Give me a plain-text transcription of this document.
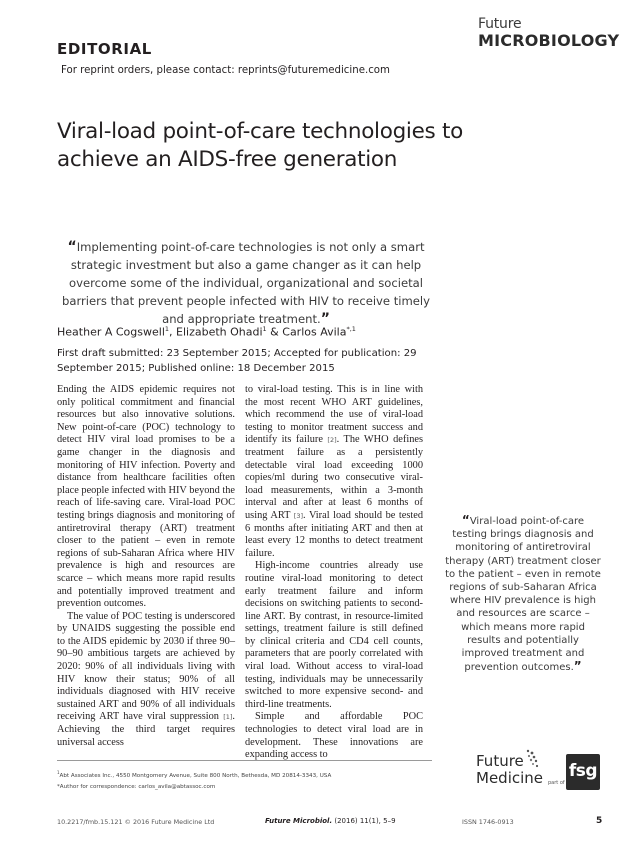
Future
MICROBIOLOGY
EDITORIAL
For reprint orders, please contact: reprints@futuremedicine.com
Viral-load point-of-care technologies to achieve an AIDS-free generation
“Implementing point-of-care technologies is not only a smart strategic investment but also a game changer as it can help overcome some of the individual, organizational and societal barriers that prevent people infected with HIV to receive timely and appropriate treatment.”
Heather A Cogswell$^1$, Elizabeth Ohadi$^1$ & Carlos Avila$^{*,1}$
First draft submitted: 23 September 2015; Accepted for publication: 29 September 2015; Published online: 18 December 2015

Ending the AIDS epidemic requires not only political commitment and financial resources but also innovative solutions. New point-of-care (POC) technology to detect HIV viral load promises to be a game changer in the diagnosis and monitoring of HIV infection. Poverty and distance from healthcare facilities often place people infected with HIV beyond the reach of life-saving care. Viral-load POC testing brings diagnosis and monitoring of antiretroviral therapy (ART) treatment closer to the patient – even in remote regions of sub-Saharan Africa where HIV prevalence is high and resources are scarce – which means more rapid results and potentially improved treatment and prevention outcomes.

The value of POC testing is underscored by UNAIDS suggesting the possible end to the AIDS epidemic by 2030 if three 90–90–90 ambitious targets are achieved by 2020: 90% of all individuals living with HIV know their status; 90% of all individuals diagnosed with HIV receive sustained ART and 90% of all individuals receiving ART have viral suppression [1]. Achieving the third target requires universal access

to viral-load testing. This is in line with the most recent WHO ART guidelines, which recommend the use of viral-load testing to monitor treatment success and identify its failure [2]. The WHO defines treatment failure as a persistently detectable viral load exceeding 1000 copies/ml during two consecutive viral-load measurements, within a 3-month interval and after at least 6 months of using ART [3]. Viral load should be tested 6 months after initiating ART and then at least every 12 months to detect treatment failure.

High-income countries already use routine viral-load monitoring to detect early treatment failure and inform decisions on switching patients to second-line ART. By contrast, in resource-limited settings, treatment failure is still defined by clinical criteria and CD4 cell counts, parameters that are poorly correlated with viral load. Without access to viral-load testing, individuals may be unnecessarily switched to more expensive second- and third-line treatments.

Simple and affordable POC technologies to detect viral load are in development. These innovations are expanding access to

“Viral-load point-of-care testing brings diagnosis and monitoring of antiretroviral therapy (ART) treatment closer to the patient – even in remote regions of sub-Saharan Africa where HIV prevalence is high and resources are scarce – which means more rapid results and potentially improved treatment and prevention outcomes.”
$^1$Abt Associates Inc., 4550 Montgomery Avenue, Suite 800 North, Bethesda, MD 20814-3343, USA
*Author for correspondence: carlos_avila@abtassoc.com
Future
Medicine part of
fsg
10.2217/fmb.15.121 © 2016 Future Medicine Ltd	Future Microbiol. (2016) 11(1), 5–9	ISSN 1746-0913	5
